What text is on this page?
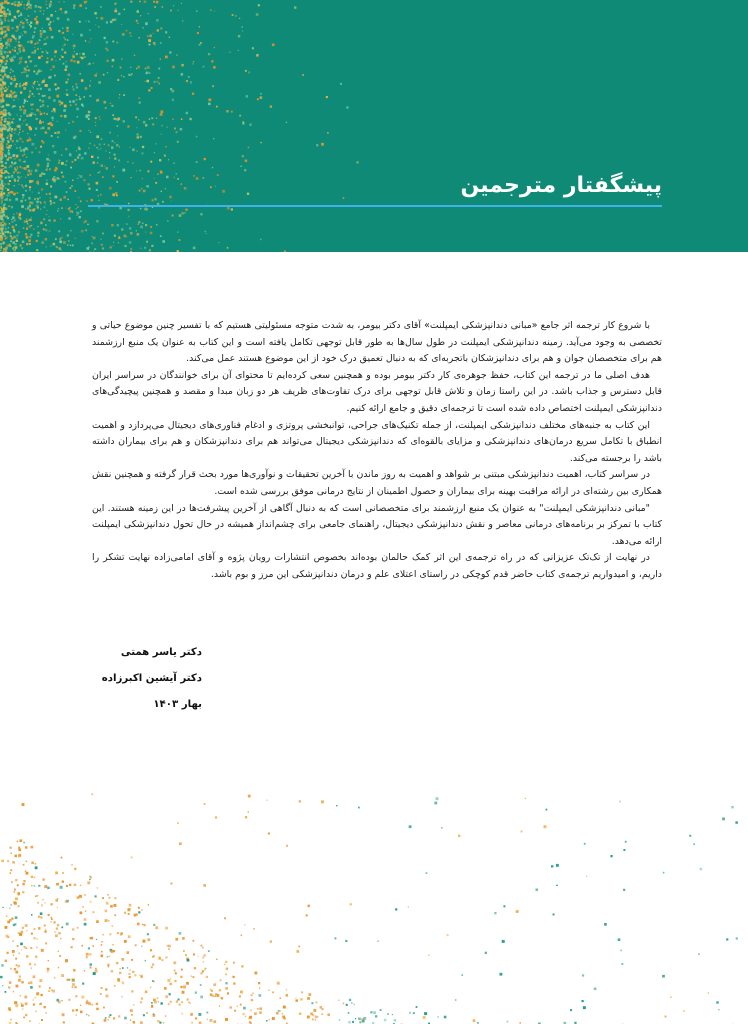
پیشگفتار مترجمین

با شروع کار ترجمه اثر جامع «مبانی دندانپزشکی ایمپلنت» آقای دکتر بیومر، به شدت متوجه مسئولیتی هستیم که با تفسیر چنین موضوع حیاتی و تخصصی به وجود می‌آید. زمینه دندانپزشکی ایمپلنت در طول سال‌ها به طور قابل توجهی تکامل یافته است و این کتاب به عنوان یک منبع ارزشمند هم برای متخصصان جوان و هم برای دندانپزشکان باتجربه‌ای که به دنبال تعمیق درک خود از این موضوع هستند عمل می‌کند.

هدف اصلی ما در ترجمه این کتاب، حفظ جوهره‌ی کار دکتر بیومر بوده و همچنین سعی کرده‌ایم تا محتوای آن برای خوانندگان در سراسر ایران قابل دسترس و جذاب باشد. در این راستا زمان و تلاش قابل توجهی برای درک تفاوت‌های ظریف هر دو زبان مبدا و مقصد و همچنین پیچیدگی‌های دندانپزشکی ایمپلنت اختصاص داده شده است تا ترجمه‌ای دقیق و جامع ارائه کنیم.

این کتاب به جنبه‌های مختلف دندانپزشکی ایمپلنت، از جمله تکنیک‌های جراحی، توانبخشی پروتزی و ادغام فناوری‌های دیجیتال می‌پردازد و اهمیت انطباق با تکامل سریع درمان‌های دندانپزشکی و مزایای بالقوه‌ای که دندانپزشکی دیجیتال می‌تواند هم برای دندانپزشکان و هم برای بیماران داشته باشد را برجسته می‌کند.

در سراسر کتاب، اهمیت دندانپزشکی مبتنی بر شواهد و اهمیت به روز ماندن با آخرین تحقیقات و نوآوری‌ها مورد بحث قرار گرفته و همچنین نقش همکاری بین رشته‌ای در ارائه مراقبت بهینه برای بیماران و حصول اطمینان از نتایج درمانی موفق بررسی شده است.

"مبانی دندانپزشکی ایمپلنت" به عنوان یک منبع ارزشمند برای متخصصانی است که به دنبال آگاهی از آخرین پیشرفت‌ها در این زمینه هستند. این کتاب با تمرکز بر برنامه‌های درمانی معاصر و نقش دندانپزشکی دیجیتال، راهنمای جامعی برای چشم‌انداز همیشه در حال تحول دندانپزشکی ایمپلنت ارائه می‌دهد.

در نهایت از تک‌تک عزیزانی که در راه ترجمه‌ی این اثر کمک حالمان بوده‌اند بخصوص انتشارات رویان پژوه و آقای امامی‌زاده نهایت تشکر را داریم، و امیدواریم ترجمه‌ی کتاب حاضر قدم کوچکی در راستای اعتلای علم و درمان دندانپزشکی این مرز و بوم باشد.

دکتر یاسر همتی
دکتر آیشین اکبرزاده
بهار ۱۴۰۳
